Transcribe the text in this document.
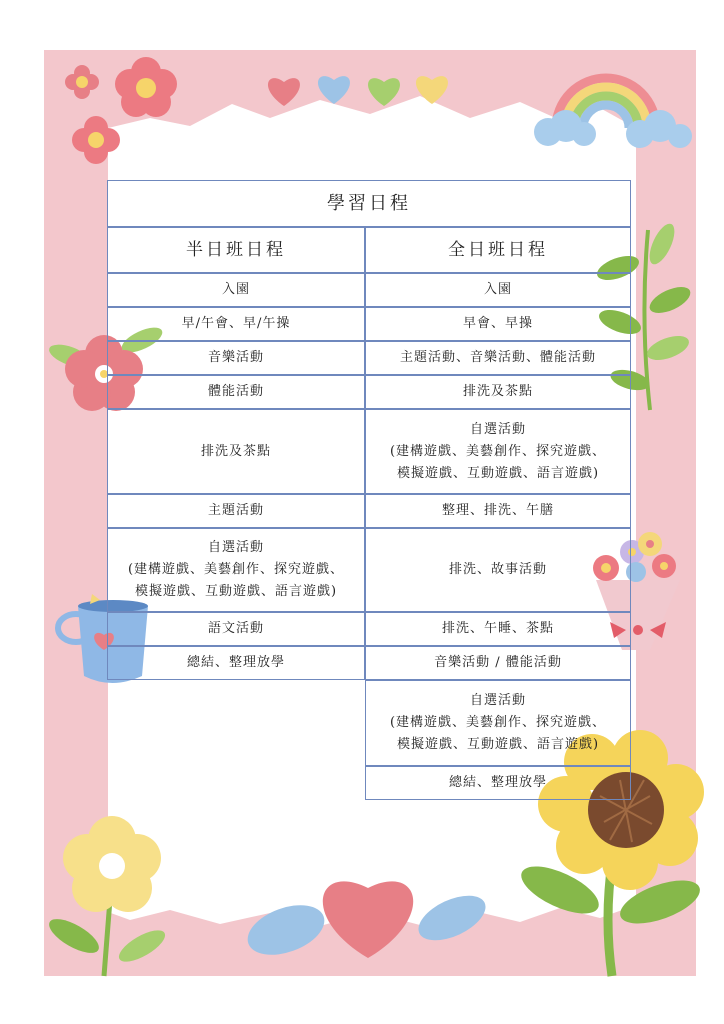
學習日程
半日班日程	全日班日程
入園
早/午會、早/午操
音樂活動
體能活動
排洗及茶點
主題活動
自選活動
(建構遊戲、美藝創作、探究遊戲、
模擬遊戲、互動遊戲、語言遊戲)
語文活動
總結、整理放學
入園
早會、早操
主題活動、音樂活動、體能活動
排洗及茶點
自選活動
(建構遊戲、美藝創作、探究遊戲、
模擬遊戲、互動遊戲、語言遊戲)
整理、排洗、午膳
排洗、故事活動
排洗、午睡、茶點
音樂活動 / 體能活動
自選活動
(建構遊戲、美藝創作、探究遊戲、
模擬遊戲、互動遊戲、語言遊戲)
總結、整理放學
